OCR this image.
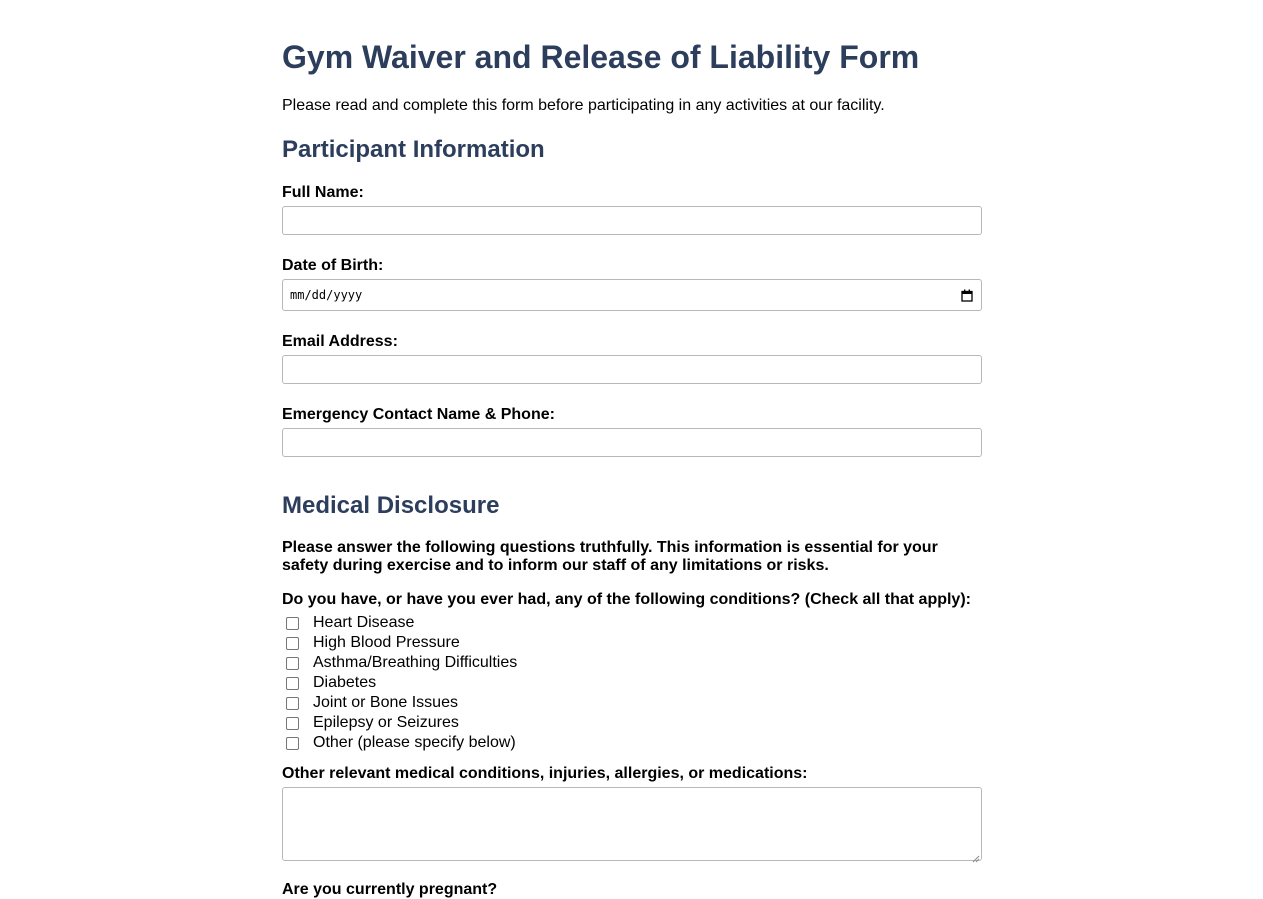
Gym Waiver and Release of Liability Form

Please read and complete this form before participating in any activities at our facility.

Participant Information
Full Name:
Date of Birth:
mm/dd/yyyy
Email Address:
Emergency Contact Name & Phone:
Medical Disclosure
Please answer the following questions truthfully. This information is essential for your safety during exercise and to inform our staff of any limitations or risks.
Do you have, or have you ever had, any of the following conditions? (Check all that apply):
Heart Disease
High Blood Pressure
Asthma/Breathing Difficulties
Diabetes
Joint or Bone Issues
Epilepsy or Seizures
Other (please specify below)
Other relevant medical conditions, injuries, allergies, or medications:
Are you currently pregnant?
